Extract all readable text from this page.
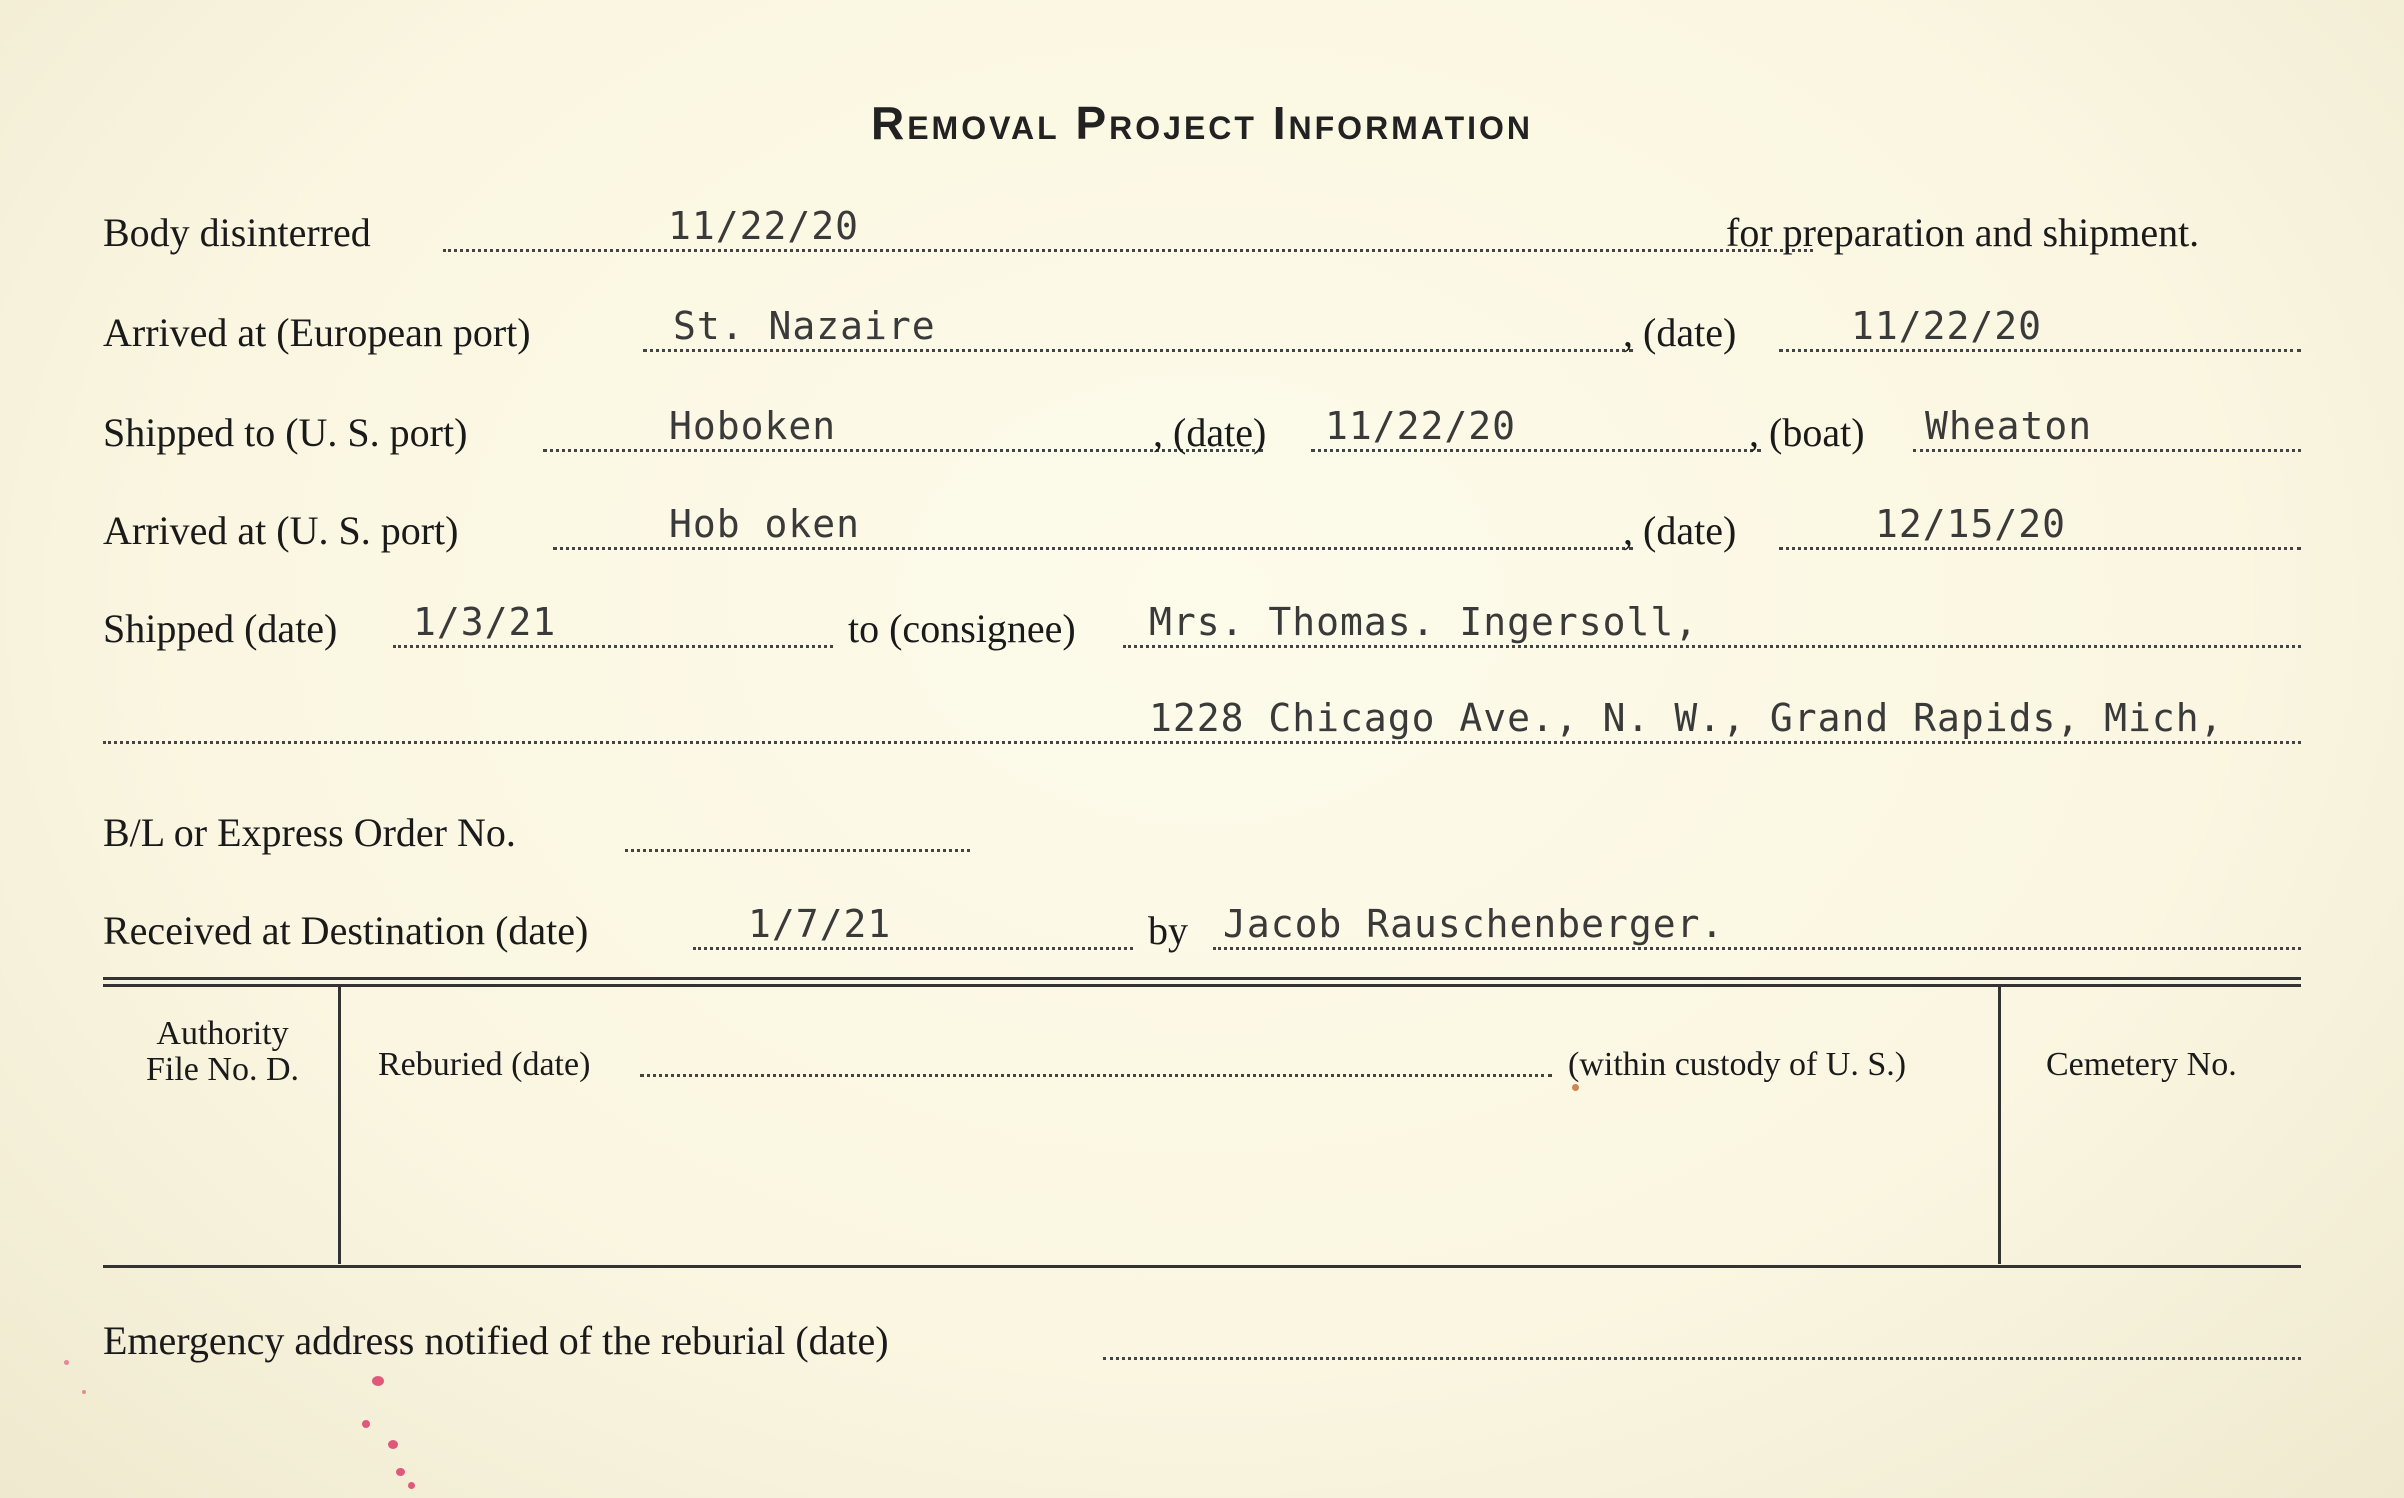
Removal Project Information
Body disinterred	11/22/20	for preparation and shipment.
Arrived at (European port)	St. Nazaire	, (date)	11/22/20
Shipped to (U. S. port)	Hoboken	, (date) 11/22/20	, (boat) Wheaton
Arrived at (U. S. port)	Hob oken	, (date)	12/15/20
Shipped (date) 1/3/21	to (consignee) Mrs. Thomas. Ingersoll,
1228 Chicago Ave., N. W., Grand Rapids, Mich,
B/L or Express Order No.
Received at Destination (date)	1/7/21	by Jacob Rauschenberger.
Authority
File No. D.	Reburied (date)	(within custody of U. S.)	Cemetery No.
Emergency address notified of the reburial (date)
